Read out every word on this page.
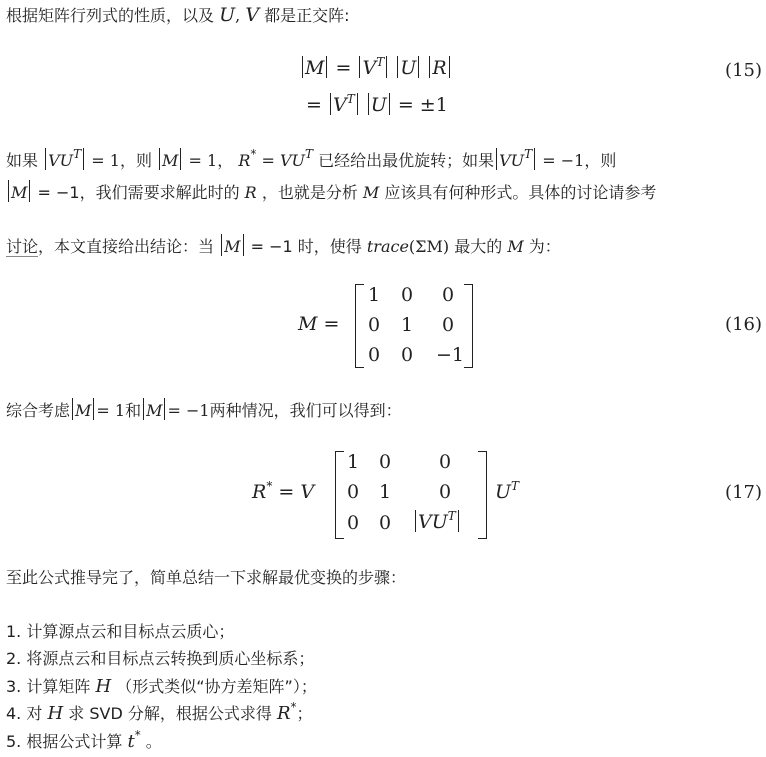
根据矩阵行列式的性质，以及 U, V 都是正交阵:
$M = V^T$ U R
= $V^T$ U = ±1
(15)
如果 $VU^T = 1$，则 M = 1， $R^* = VU^T$ 已经给出最优旋转；如果 $VU^T = -1$，则
M = −1，我们需要求解此时的 R ，也就是分析 M 应该具有何种形式。具体的讨论请参考
讨论，本文直接给出结论：当 M = −1 时，使得 trace(ΣM) 最大的 M 为：
M =
1	0	0
0	1	0
0	0	−1
(16)
综合考虑 M = 1和 M = −1两种情况，我们可以得到：
R* = V
1	0	0
0	1	0
0	0	$VU^T$
$U^T$	(17)
至此公式推导完了，简单总结一下求解最优变换的步骤：
1. 计算源点云和目标点云质心；
2. 将源点云和目标点云转换到质心坐标系；
3. 计算矩阵 H （形式类似“协方差矩阵”）；
4. 对 H 求 SVD 分解，根据公式求得 R*；
5. 根据公式计算 t* 。
